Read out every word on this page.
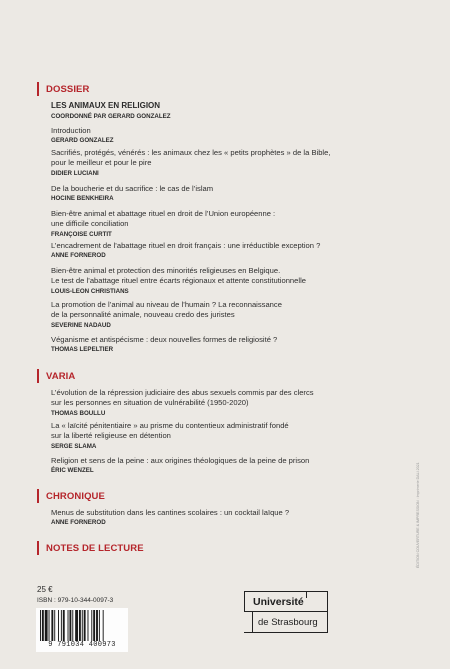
DOSSIER
LES ANIMAUX EN RELIGION
COORDONNÉ PAR GERARD GONZALEZ
Introduction
GERARD GONZALEZ
Sacrifiés, protégés, vénérés : les animaux chez les « petits prophètes » de la Bible,
pour le meilleur et pour le pire
DIDIER LUCIANI
De la boucherie et du sacrifice : le cas de l’islam
HOCINE BENKHEIRA
Bien-être animal et abattage rituel en droit de l’Union européenne :
une difficile conciliation
FRANÇOISE CURTIT
L’encadrement de l’abattage rituel en droit français : une irréductible exception ?
ANNE FORNEROD
Bien-être animal et protection des minorités religieuses en Belgique.
Le test de l’abattage rituel entre écarts régionaux et attente constitutionnelle
LOUIS-LEON CHRISTIANS
La promotion de l’animal au niveau de l’humain ? La reconnaissance
de la personnalité animale, nouveau credo des juristes
SEVERINE NADAUD
Véganisme et antispécisme : deux nouvelles formes de religiosité ?
THOMAS LEPELTIER
VARIA
L’évolution de la répression judiciaire des abus sexuels commis par des clercs
sur les personnes en situation de vulnérabilité (1950-2020)
THOMAS BOULLU
La « laïcité pénitentiaire » au prisme du contentieux administratif fondé
sur la liberté religieuse en détention
SERGE SLAMA
Religion et sens de la peine : aux origines théologiques de la peine de prison
ÉRIC WENZEL
CHRONIQUE
Menus de substitution dans les cantines scolaires : un cocktail laïque ?
ANNE FORNEROD
NOTES DE LECTURE	ÉDITION COUVERTURE & IMPRESSION : Imprimerie DALI 2021
25 €
ISBN : 979-10-344-0097-3
9 791034 400973
Université
de Strasbourg
